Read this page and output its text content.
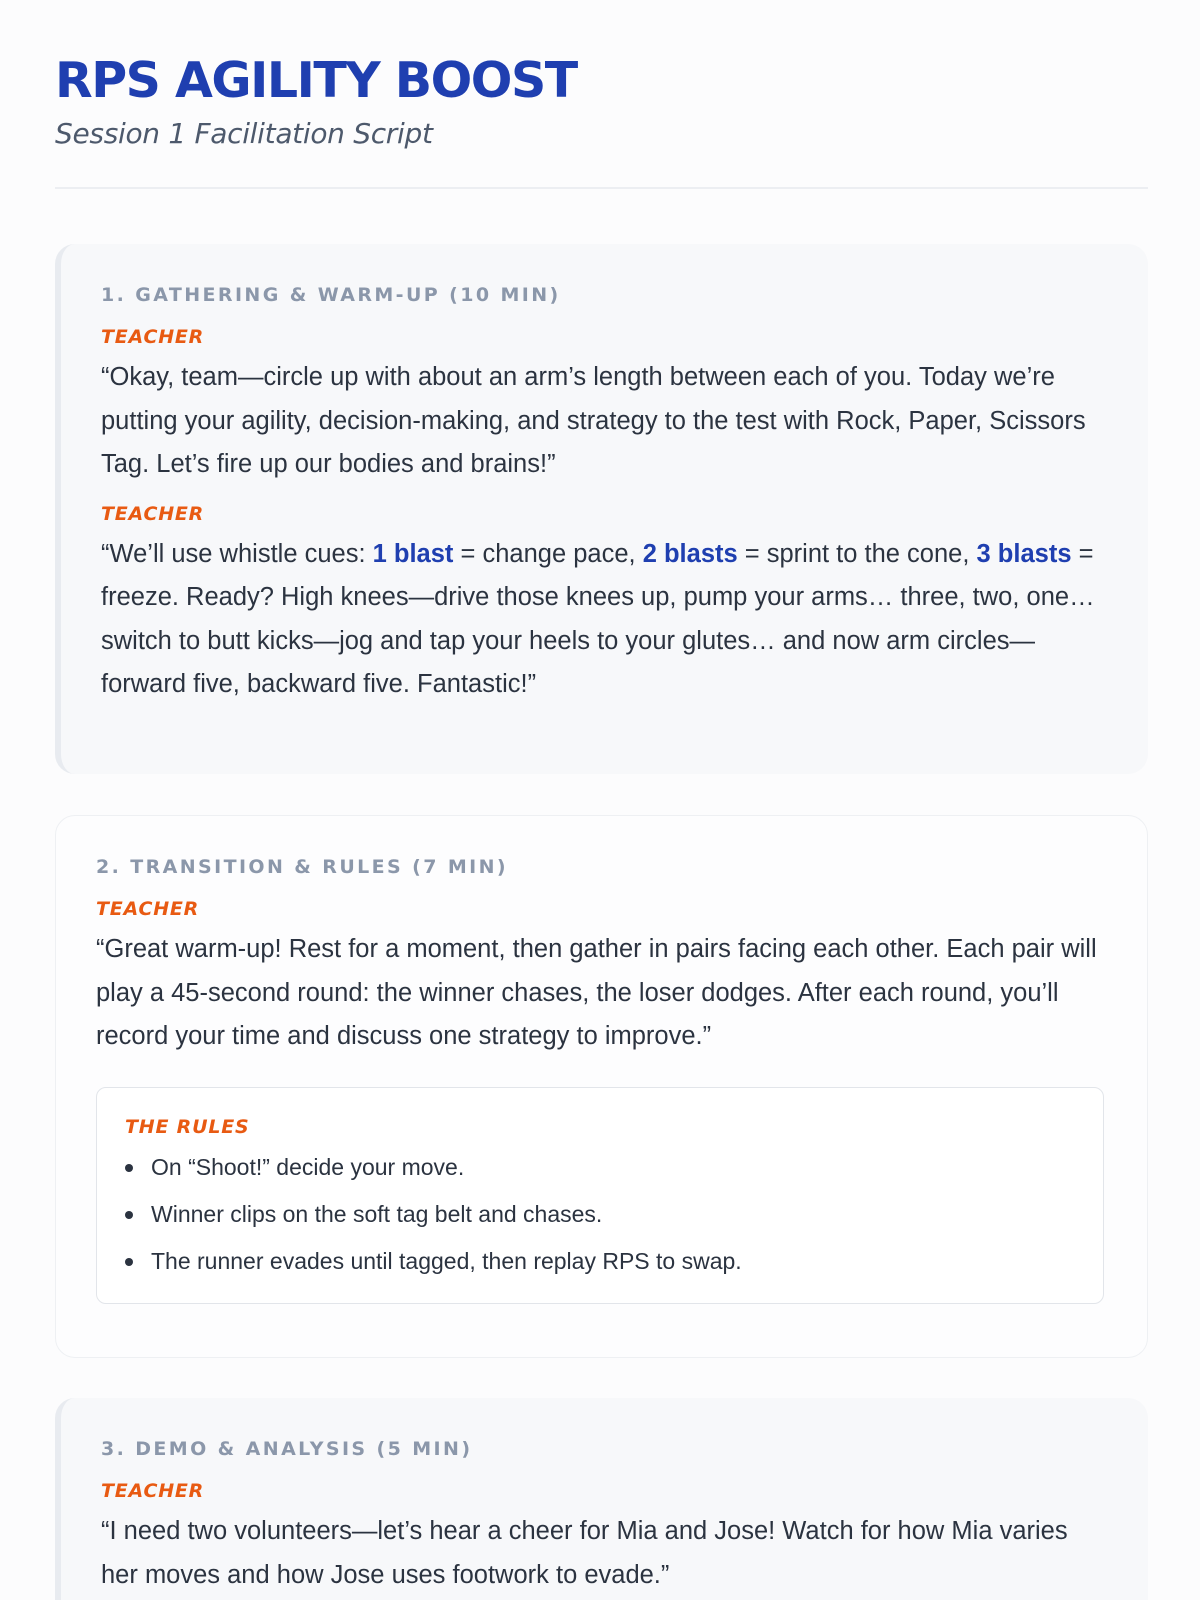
RPS AGILITY BOOST
Session 1 Facilitation Script
1. GATHERING & WARM-UP (10 MIN)
TEACHER

“Okay, team—circle up with about an arm’s length between each of you. Today we’re putting your agility, decision-making, and strategy to the test with Rock, Paper, Scissors Tag. Let’s fire up our bodies and brains!”

TEACHER

“We’ll use whistle cues: 1 blast = change pace, 2 blasts = sprint to the cone, 3 blasts = freeze. Ready? High knees—drive those knees up, pump your arms… three, two, one… switch to butt kicks—jog and tap your heels to your glutes… and now arm circles—forward five, backward five. Fantastic!”

2. TRANSITION & RULES (7 MIN)
TEACHER

“Great warm-up! Rest for a moment, then gather in pairs facing each other. Each pair will play a 45-second round: the winner chases, the loser dodges. After each round, you’ll record your time and discuss one strategy to improve.”

THE RULES
On “Shoot!” decide your move.
Winner clips on the soft tag belt and chases.
The runner evades until tagged, then replay RPS to swap.
3. DEMO & ANALYSIS (5 MIN)
TEACHER

“I need two volunteers—let’s hear a cheer for Mia and Jose! Watch for how Mia varies her moves and how Jose uses footwork to evade.”
